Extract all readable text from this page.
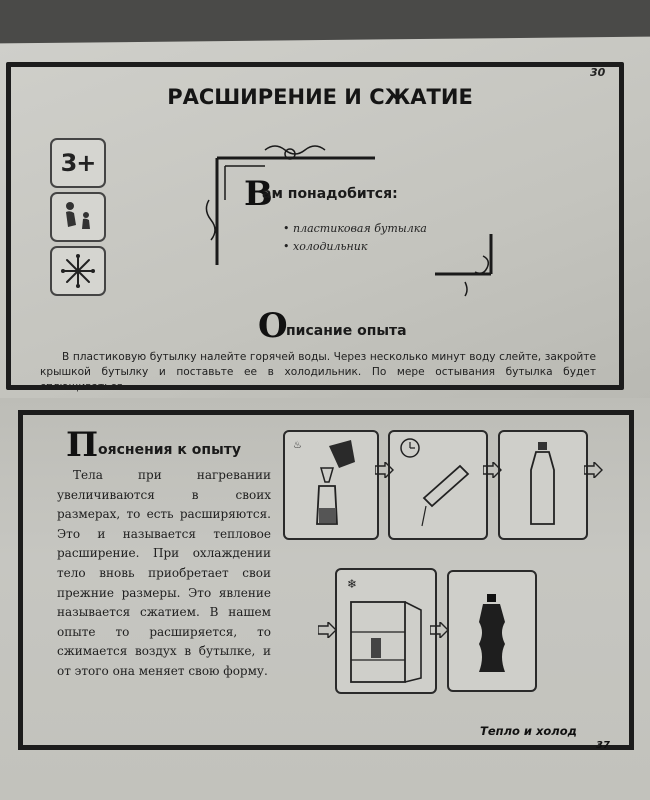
30
РАСШИРЕНИЕ И СЖАТИЕ
3+
В
ам понадобится:
• пластиковая бутылка
• холодильник
О
писание опыта
В пластиковую бутылку налейте горячей воды. Через несколько минут воду слейте, закройте крышкой бутылку и поставьте ее в холодильник. По мере остывания бутылка будет сплющиваться.
П ояснения к опыту
Тела при нагревании увеличиваются в своих размерах, то есть расширяются. Это и называется тепловое расширение. При охлаждении тело вновь приобретает свои прежние размеры. Это явление называется сжатием. В нашем опыте то расширяется, то сжимается воздух в бутылке, и от этого она меняет свою форму.
♨
❄
Тепло и холод
37
